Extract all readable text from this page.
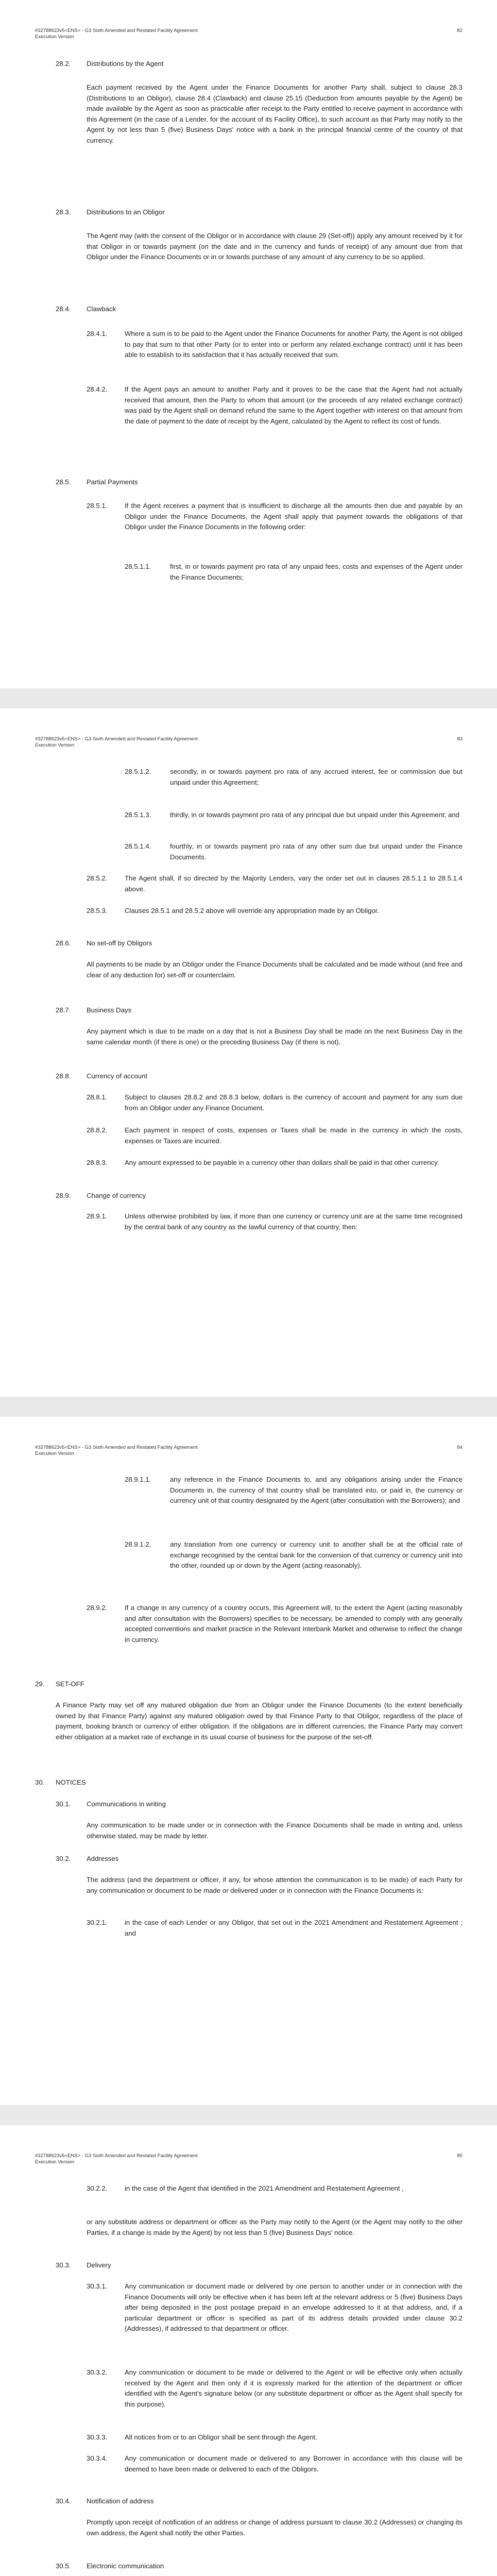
#32788623v5<ENS> - G3 Sixth Amended and Restated Facility Agreement
Execution Version
82
28.2. Distributions by the Agent
Each payment received by the Agent under the Finance Documents for another Party shall, subject to clause 28.3 (Distributions to an Obligor), clause 28.4 (Clawback) and clause 25.15 (Deduction from amounts payable by the Agent) be made available by the Agent as soon as practicable after receipt to the Party entitled to receive payment in accordance with this Agreement (in the case of a Lender, for the account of its Facility Office), to such account as that Party may notify to the Agent by not less than 5 (five) Business Days' notice with a bank in the principal financial centre of the country of that currency.
28.3. Distributions to an Obligor
The Agent may (with the consent of the Obligor or in accordance with clause 29 (Set-off)) apply any amount received by it for that Obligor in or towards payment (on the date and in the currency and funds of receipt) of any amount due from that Obligor under the Finance Documents or in or towards purchase of any amount of any currency to be so applied.
28.4. Clawback
28.4.1.	Where a sum is to be paid to the Agent under the Finance Documents for another Party, the Agent is not obliged to pay that sum to that other Party (or to enter into or perform any related exchange contract) until it has been able to establish to its satisfaction that it has actually received that sum.
28.4.2.	If the Agent pays an amount to another Party and it proves to be the case that the Agent had not actually received that amount, then the Party to whom that amount (or the proceeds of any related exchange contract) was paid by the Agent shall on demand refund the same to the Agent together with interest on that amount from the date of payment to the date of receipt by the Agent, calculated by the Agent to reflect its cost of funds.
28.5. Partial Payments
28.5.1.	If the Agent receives a payment that is insufficient to discharge all the amounts then due and payable by an Obligor under the Finance Documents, the Agent shall apply that payment towards the obligations of that Obligor under the Finance Documents in the following order:
28.5.1.1.	first, in or towards payment pro rata of any unpaid fees, costs and expenses of the Agent under the Finance Documents;
#32788623v5<ENS> - G3 Sixth Amended and Restated Facility Agreement
Execution Version
83
28.5.1.2.	secondly, in or towards payment pro rata of any accrued interest, fee or commission due but unpaid under this Agreement;
28.5.1.3.	thirdly, in or towards payment pro rata of any principal due but unpaid under this Agreement; and
28.5.1.4.	fourthly, in or towards payment pro rata of any other sum due but unpaid under the Finance Documents.
28.5.2.	The Agent shall, if so directed by the Majority Lenders, vary the order set out in clauses 28.5.1.1 to 28.5.1.4 above.
28.5.3.	Clauses 28.5.1 and 28.5.2 above will override any appropriation made by an Obligor.
28.6. No set-off by Obligors
All payments to be made by an Obligor under the Finance Documents shall be calculated and be made without (and free and clear of any deduction for) set-off or counterclaim.
28.7. Business Days
Any payment which is due to be made on a day that is not a Business Day shall be made on the next Business Day in the same calendar month (if there is one) or the preceding Business Day (if there is not).
28.8. Currency of account
28.8.1.	Subject to clauses 28.8.2 and 28.8.3 below, dollars is the currency of account and payment for any sum due from an Obligor under any Finance Document.
28.8.2.	Each payment in respect of costs, expenses or Taxes shall be made in the currency in which the costs, expenses or Taxes are incurred.
28.8.3.	Any amount expressed to be payable in a currency other than dollars shall be paid in that other currency.
28.9. Change of currency
28.9.1.	Unless otherwise prohibited by law, if more than one currency or currency unit are at the same time recognised by the central bank of any country as the lawful currency of that country, then:
#32788623v5<ENS> - G3 Sixth Amended and Restated Facility Agreement
Execution Version
84
28.9.1.1.	any reference in the Finance Documents to, and any obligations arising under the Finance Documents in, the currency of that country shall be translated into, or paid in, the currency or currency unit of that country designated by the Agent (after consultation with the Borrowers); and
28.9.1.2.	any translation from one currency or currency unit to another shall be at the official rate of exchange recognised by the central bank for the conversion of that currency or currency unit into the other, rounded up or down by the Agent (acting reasonably).
28.9.2.	If a change in any currency of a country occurs, this Agreement will, to the extent the Agent (acting reasonably and after consultation with the Borrowers) specifies to be necessary, be amended to comply with any generally accepted conventions and market practice in the Relevant Interbank Market and otherwise to reflect the change in currency.
29. SET-OFF
A Finance Party may set off any matured obligation due from an Obligor under the Finance Documents (to the extent beneficially owned by that Finance Party) against any matured obligation owed by that Finance Party to that Obligor, regardless of the place of payment, booking branch or currency of either obligation. If the obligations are in different currencies, the Finance Party may convert either obligation at a market rate of exchange in its usual course of business for the purpose of the set-off.
30. NOTICES
30.1. Communications in writing
Any communication to be made under or in connection with the Finance Documents shall be made in writing and, unless otherwise stated, may be made by letter.
30.2. Addresses
The address (and the department or officer, if any, for whose attention the communication is to be made) of each Party for any communication or document to be made or delivered under or in connection with the Finance Documents is:
30.2.1.	in the case of each Lender or any Obligor, that set out in the 2021 Amendment and Restatement Agreement ; and
#32788623v5<ENS> - G3 Sixth Amended and Restated Facility Agreement
Execution Version
85
30.2.2.	in the case of the Agent that identified in the 2021 Amendment and Restatement Agreement ,
or any substitute address or department or officer as the Party may notify to the Agent (or the Agent may notify to the other Parties, if a change is made by the Agent) by not less than 5 (five) Business Days' notice.
30.3. Delivery
30.3.1.	Any communication or document made or delivered by one person to another under or in connection with the Finance Documents will only be effective when it has been left at the relevant address or 5 (five) Business Days after being deposited in the post postage prepaid in an envelope addressed to it at that address, and, if a particular department or officer is specified as part of its address details provided under clause 30.2 (Addresses), if addressed to that department or officer.
30.3.2.	Any communication or document to be made or delivered to the Agent or will be effective only when actually received by the Agent and then only if it is expressly marked for the attention of the department or officer identified with the Agent's signature below (or any substitute department or officer as the Agent shall specify for this purpose).
30.3.3.	All notices from or to an Obligor shall be sent through the Agent.
30.3.4.	Any communication or document made or delivered to any Borrower in accordance with this clause will be deemed to have been made or delivered to each of the Obligors.
30.4. Notification of address
Promptly upon receipt of notification of an address or change of address pursuant to clause 30.2 (Addresses) or changing its own address, the Agent shall notify the other Parties.
30.5. Electronic communication
